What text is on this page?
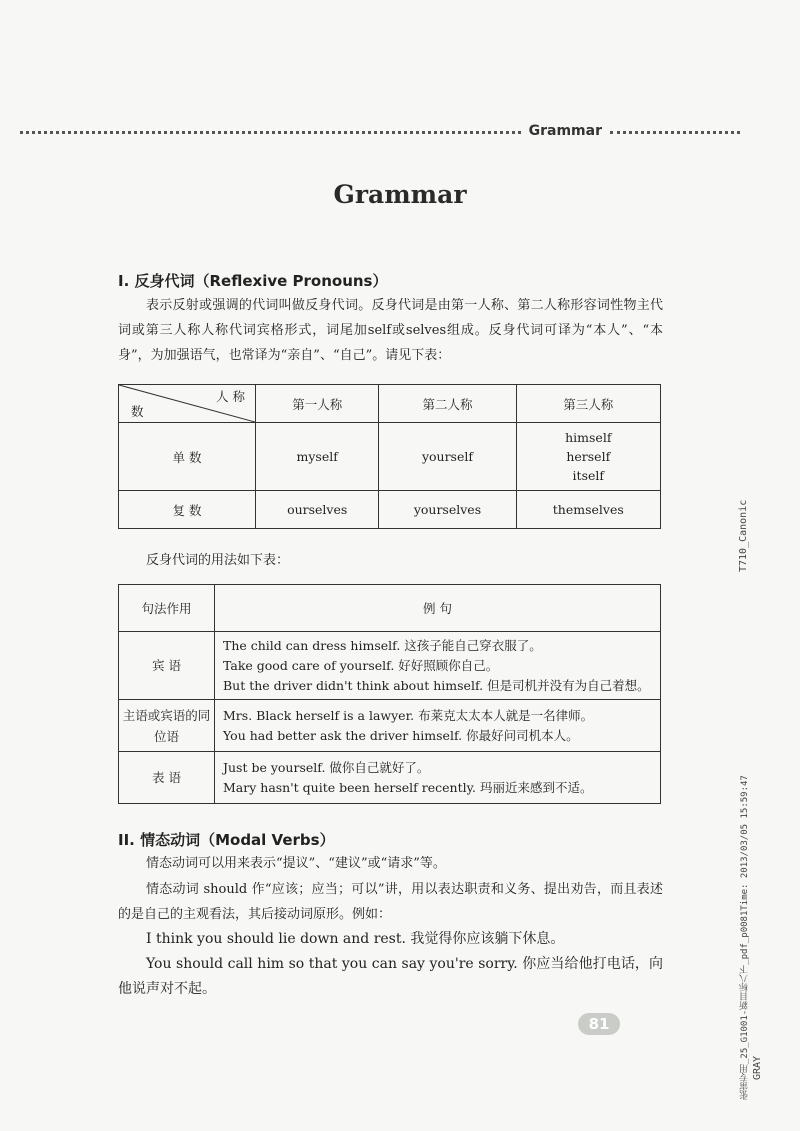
Grammar
Grammar
I. 反身代词（Reflexive Pronouns）
表示反射或强调的代词叫做反身代词。反身代词是由第一人称、第二人称形容词性物主代词或第三人称人称代词宾格形式，词尾加self或selves组成。反身代词可译为“本人”、“本身”，为加强语气，也常译为“亲自”、“自己”。请见下表：
人 称
数	第一人称	第二人称	第三人称
单 数	myself	yourself	himself
herself
itself
复 数	ourselves	yourselves	themselves
反身代词的用法如下表：
句法作用	例 句
宾 语	The child can dress himself. 这孩子能自己穿衣服了。
Take good care of yourself. 好好照顾你自己。
But the driver didn't think about himself. 但是司机并没有为自己着想。

主语或宾语的同位语	Mrs. Black herself is a lawyer. 布莱克太太本人就是一名律师。
You had better ask the driver himself. 你最好问司机本人。

表 语	Just be yourself. 做你自己就好了。
Mary hasn't quite been herself recently. 玛丽近来感到不适。
II. 情态动词（Modal Verbs）
情态动词可以用来表示“提议”、“建议”或“请求”等。
情态动词 should 作“应该；应当；可以”讲，用以表达职责和义务、提出劝告，而且表述的是自己的主观看法，其后接动词原形。例如：
I think you should lie down and rest. 我觉得你应该躺下休息。
You should call him so that you can say you're sorry. 你应当给他打电话，向他说声对不起。
81
T710_Canonic
张雷专用_25_G1001-新目标八下_pdf_p0081Time: 2013/03/05 15:59:47 GRAY
